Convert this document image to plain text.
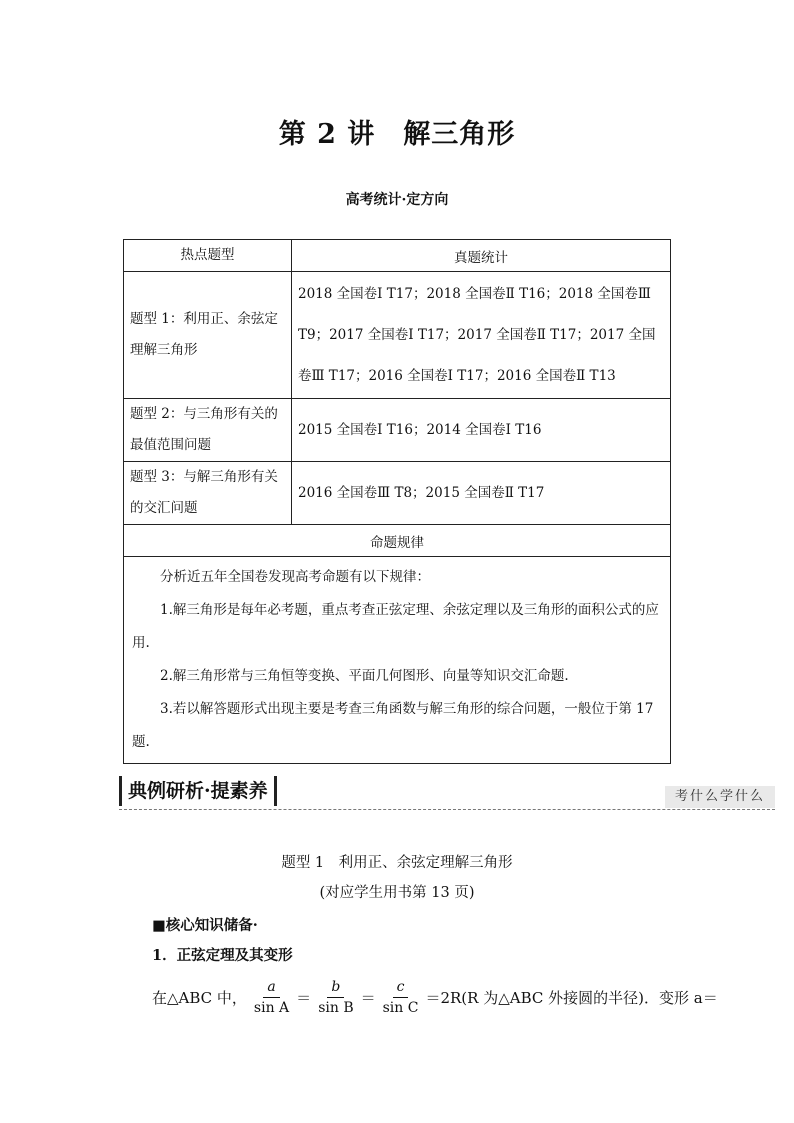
第 2 讲　解三角形
高考统计·定方向
热点题型	真题统计
题型 1：利用正、余弦定理解三角形	2018 全国卷Ⅰ T17；2018 全国卷Ⅱ T16；2018 全国卷Ⅲ T9；2017 全国卷Ⅰ T17；2017 全国卷Ⅱ T17；2017 全国卷Ⅲ T17；2016 全国卷Ⅰ T17；2016 全国卷Ⅱ T13
题型 2：与三角形有关的最值范围问题	2015 全国卷Ⅰ T16；2014 全国卷Ⅰ T16
题型 3：与解三角形有关的交汇问题	2016 全国卷Ⅲ T8；2015 全国卷Ⅱ T17
命题规律	

分析近五年全国卷发现高考命题有以下规律：

1.解三角形是每年必考题，重点考查正弦定理、余弦定理以及三角形的面积公式的应用.

2.解三角形常与三角恒等变换、平面几何图形、向量等知识交汇命题.

3.若以解答题形式出现主要是考查三角函数与解三角形的综合问题，一般位于第 17 题.	

典例研析·提素养	考什么学什么
题型 1　利用正、余弦定理解三角形
(对应学生用书第 13 页)
■核心知识储备·
1．正弦定理及其变形
在△ABC 中， $\frac{a}{\text{sin A}} = \frac{b}{\text{sin B}} = \frac{c}{\text{sin C}} =2R(R$ 为△ABC 外接圆的半径)．变形 a＝
